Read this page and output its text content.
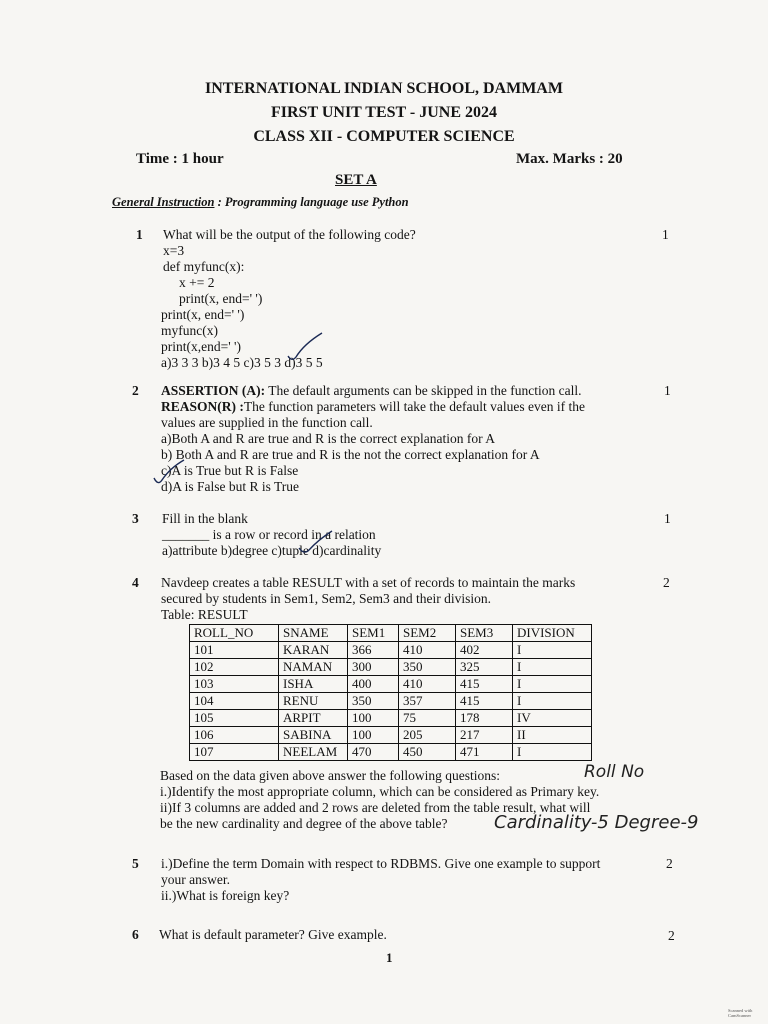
INTERNATIONAL INDIAN SCHOOL, DAMMAM
FIRST UNIT TEST - JUNE 2024
CLASS XII - COMPUTER SCIENCE
Time : 1 hour	Max. Marks : 20
SET A
General Instruction : Programming language use Python
1	1
What will be the output of the following code?
x=3
def myfunc(x):
x += 2
print(x, end=' ')
print(x, end=' ')
myfunc(x)
print(x,end=' ')
a)3 3 3 b)3 4 5 c)3 5 3 d)3 5 5
2	1
ASSERTION (A): The default arguments can be skipped in the function call.
REASON(R) :The function parameters will take the default values even if the
values are supplied in the function call.
a)Both A and R are true and R is the correct explanation for A
b) Both A and R are true and R is the not the correct explanation for A
c)A is True but R is False
d)A is False but R is True
3	1
Fill in the blank
_______ is a row or record in a relation
a)attribute b)degree c)tuple d)cardinality
4	2
Navdeep creates a table RESULT with a set of records to maintain the marks
secured by students in Sem1, Sem2, Sem3 and their division.
Table: RESULT
ROLL_NO	SNAME	SEM1	SEM2	SEM3	DIVISION
101	KARAN	366	410	402	I
102	NAMAN	300	350	325	I
103	ISHA	400	410	415	I
104	RENU	350	357	415	I
105	ARPIT	100	75	178	IV
106	SABINA	100	205	217	II
107	NEELAM	470	450	471	I
Based on the data given above answer the following questions:
i.)Identify the most appropriate column, which can be considered as Primary key.
ii)If 3 columns are added and 2 rows are deleted from the table result, what will
be the new cardinality and degree of the above table?
Roll No
Cardinality-5 Degree-9
5	2
i.)Define the term Domain with respect to RDBMS. Give one example to support
your answer.
ii.)What is foreign key?
6	2
What is default parameter? Give example.
1
Scanned with CamScanner
